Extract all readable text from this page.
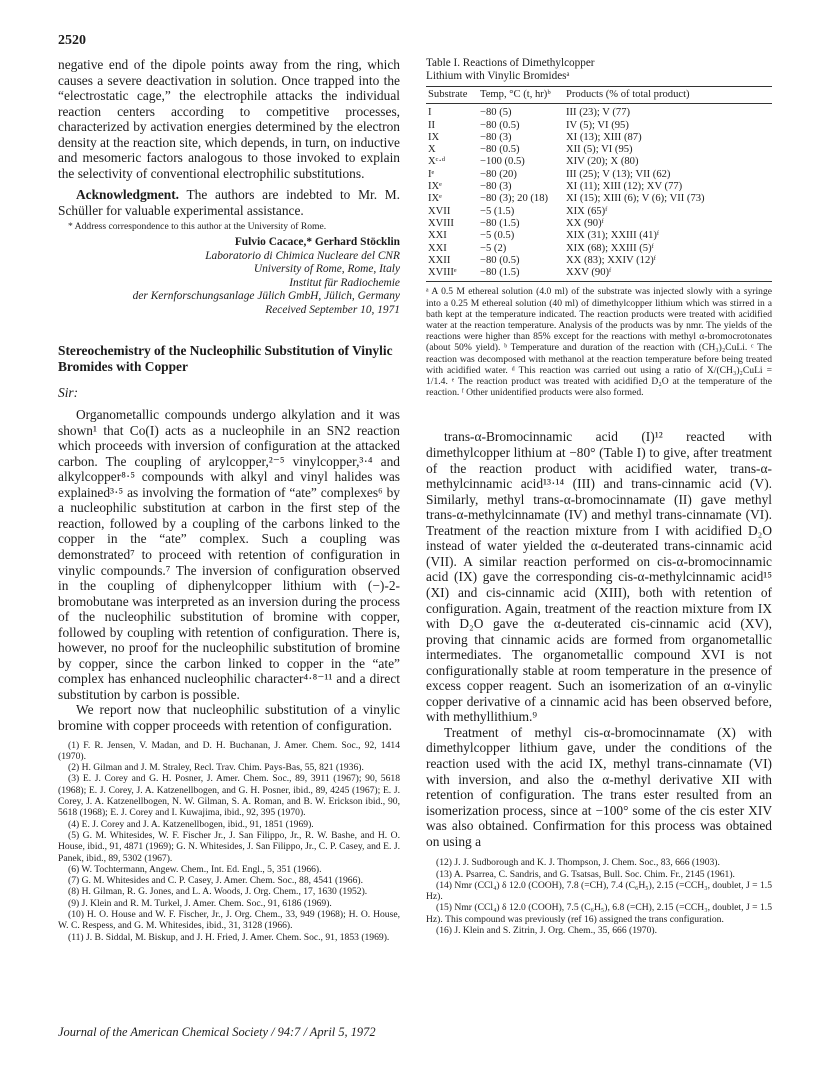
2520

negative end of the dipole points away from the ring, which causes a severe deactivation in solution. Once trapped into the “electrostatic cage,” the electrophile attacks the individual reaction centers according to competitive processes, characterized by activation energies determined by the electron density at the reaction site, which depends, in turn, on inductive and mesomeric factors analogous to those invoked to explain the selectivity of conventional electrophilic substitutions.

Acknowledgment. The authors are indebted to Mr. M. Schüller for valuable experimental assistance.

* Address correspondence to this author at the University of Rome.

Fulvio Cacace,* Gerhard Stöcklin

Laboratorio di Chimica Nucleare del CNR

University of Rome, Rome, Italy

Institut für Radiochemie

der Kernforschungsanlage Jülich GmbH, Jülich, Germany

Received September 10, 1971

Stereochemistry of the Nucleophilic Substitution of Vinylic Bromides with Copper

Sir:

Organometallic compounds undergo alkylation and it was shown¹ that Co(I) acts as a nucleophile in an SN2 reaction which proceeds with inversion of configuration at the attacked carbon. The coupling of arylcopper,²⁻⁵ vinylcopper,³·⁴ and alkylcopper⁸·⁵ compounds with alkyl and vinyl halides was explained³·⁵ as involving the formation of “ate” complexes⁶ by a nucleophilic substitution at carbon in the first step of the reaction, followed by a coupling of the carbons linked to the copper in the “ate” complex. Such a coupling was demonstrated⁷ to proceed with retention of configuration in vinylic compounds.⁷ The inversion of configuration observed in the coupling of diphenylcopper lithium with (−)-2-bromobutane was interpreted as an inversion during the process of the nucleophilic substitution of bromine with copper, followed by coupling with retention of configuration. There is, however, no proof for the nucleophilic substitution of bromine by copper, since the carbon linked to copper in the “ate” complex has enhanced nucleophilic character⁴·⁸⁻¹¹ and a direct substitution by carbon is possible.

We report now that nucleophilic substitution of a vinylic bromine with copper proceeds with retention of configuration.

(1) F. R. Jensen, V. Madan, and D. H. Buchanan, J. Amer. Chem. Soc., 92, 1414 (1970).
(2) H. Gilman and J. M. Straley, Recl. Trav. Chim. Pays-Bas, 55, 821 (1936).
(3) E. J. Corey and G. H. Posner, J. Amer. Chem. Soc., 89, 3911 (1967); 90, 5618 (1968); E. J. Corey, J. A. Katzenellbogen, and G. H. Posner, ibid., 89, 4245 (1967); E. J. Corey, J. A. Katzenellbogen, N. W. Gilman, S. A. Roman, and B. W. Erickson ibid., 90, 5618 (1968); E. J. Corey and I. Kuwajima, ibid., 92, 395 (1970).
(4) E. J. Corey and J. A. Katzenellbogen, ibid., 91, 1851 (1969).
(5) G. M. Whitesides, W. F. Fischer Jr., J. San Filippo, Jr., R. W. Bashe, and H. O. House, ibid., 91, 4871 (1969); G. N. Whitesides, J. San Filippo, Jr., C. P. Casey, and E. J. Panek, ibid., 89, 5302 (1967).
(6) W. Tochtermann, Angew. Chem., Int. Ed. Engl., 5, 351 (1966).
(7) G. M. Whitesides and C. P. Casey, J. Amer. Chem. Soc., 88, 4541 (1966).
(8) H. Gilman, R. G. Jones, and L. A. Woods, J. Org. Chem., 17, 1630 (1952).
(9) J. Klein and R. M. Turkel, J. Amer. Chem. Soc., 91, 6186 (1969).
(10) H. O. House and W. F. Fischer, Jr., J. Org. Chem., 33, 949 (1968); H. O. House, W. C. Respess, and G. M. Whitesides, ibid., 31, 3128 (1966).
(11) J. B. Siddal, M. Biskup, and J. H. Fried, J. Amer. Chem. Soc., 91, 1853 (1969).
Table I. Reactions of Dimethylcopper
Lithium with Vinylic Bromidesᵃ
Substrate	Temp, °C (t, hr)ᵇ	Products (% of total product)
I	−80 (5)	III (23); V (77)
II	−80 (0.5)	IV (5); VI (95)
IX	−80 (3)	XI (13); XIII (87)
X	−80 (0.5)	XII (5); VI (95)
Xᶜ·ᵈ	−100 (0.5)	XIV (20); X (80)
Iᵉ	−80 (20)	III (25); V (13); VII (62)
IXᵉ	−80 (3)	XI (11); XIII (12); XV (77)
IXᵉ	−80 (3); 20 (18)	XI (15); XIII (6); V (6); VII (73)
XVII	−5 (1.5)	XIX (65)ᶠ
XVIII	−80 (1.5)	XX (90)ᶠ
XXI	−5 (0.5)	XIX (31); XXIII (41)ᶠ
XXI	−5 (2)	XIX (68); XXIII (5)ᶠ
XXII	−80 (0.5)	XX (83); XXIV (12)ᶠ
XVIIIᵉ	−80 (1.5)	XXV (90)ᶠ

ᵃ A 0.5 M ethereal solution (4.0 ml) of the substrate was injected slowly with a syringe into a 0.25 M ethereal solution (40 ml) of dimethylcopper lithium which was stirred in a bath kept at the temperature indicated. The reaction products were treated with acidified water at the reaction temperature. Analysis of the products was by nmr. The yields of the reactions were higher than 85% except for the reactions with methyl α-bromocrotonates (about 50% yield). ᵇ Temperature and duration of the reaction with (CH₃)₂CuLi. ᶜ The reaction was decomposed with methanol at the reaction temperature before being treated with acidified water. ᵈ This reaction was carried out using a ratio of X/(CH₃)₂CuLi = 1/1.4. ᵉ The reaction product was treated with acidified D₂O at the temperature of the reaction. ᶠ Other unidentified products were also formed.

trans-α-Bromocinnamic acid (I)¹² reacted with dimethylcopper lithium at −80° (Table I) to give, after treatment of the reaction product with acidified water, trans-α-methylcinnamic acid¹³·¹⁴ (III) and trans-cinnamic acid (V). Similarly, methyl trans-α-bromocinnamate (II) gave methyl trans-α-methylcinnamate (IV) and methyl trans-cinnamate (VI). Treatment of the reaction mixture from I with acidified D₂O instead of water yielded the α-deuterated trans-cinnamic acid (VII). A similar reaction performed on cis-α-bromocinnamic acid (IX) gave the corresponding cis-α-methylcinnamic acid¹⁵ (XI) and cis-cinnamic acid (XIII), both with retention of configuration. Again, treatment of the reaction mixture from IX with D₂O gave the α-deuterated cis-cinnamic acid (XV), proving that cinnamic acids are formed from organometallic intermediates. The organometallic compound XVI is not configurationally stable at room temperature in the presence of excess copper reagent. Such an isomerization of an α-vinylic copper derivative of a cinnamic acid has been observed before, with methyllithium.⁹

Treatment of methyl cis-α-bromocinnamate (X) with dimethylcopper lithium gave, under the conditions of the reaction used with the acid IX, methyl trans-cinnamate (VI) with inversion, and also the α-methyl derivative XII with retention of configuration. The trans ester resulted from an isomerization process, since at −100° some of the cis ester XIV was also obtained. Confirmation for this process was obtained on using a

(12) J. J. Sudborough and K. J. Thompson, J. Chem. Soc., 83, 666 (1903).
(13) A. Psarrea, C. Sandris, and G. Tsatsas, Bull. Soc. Chim. Fr., 2145 (1961).
(14) Nmr (CCl₄) δ 12.0 (COOH), 7.8 (=CH), 7.4 (C₆H₅), 2.15 (=CCH₃, doublet, J = 1.5 Hz).
(15) Nmr (CCl₄) δ 12.0 (COOH), 7.5 (C₆H₅), 6.8 (=CH), 2.15 (=CCH₃, doublet, J = 1.5 Hz). This compound was previously (ref 16) assigned the trans configuration.
(16) J. Klein and S. Zitrin, J. Org. Chem., 35, 666 (1970).
Journal of the American Chemical Society / 94:7 / April 5, 1972
